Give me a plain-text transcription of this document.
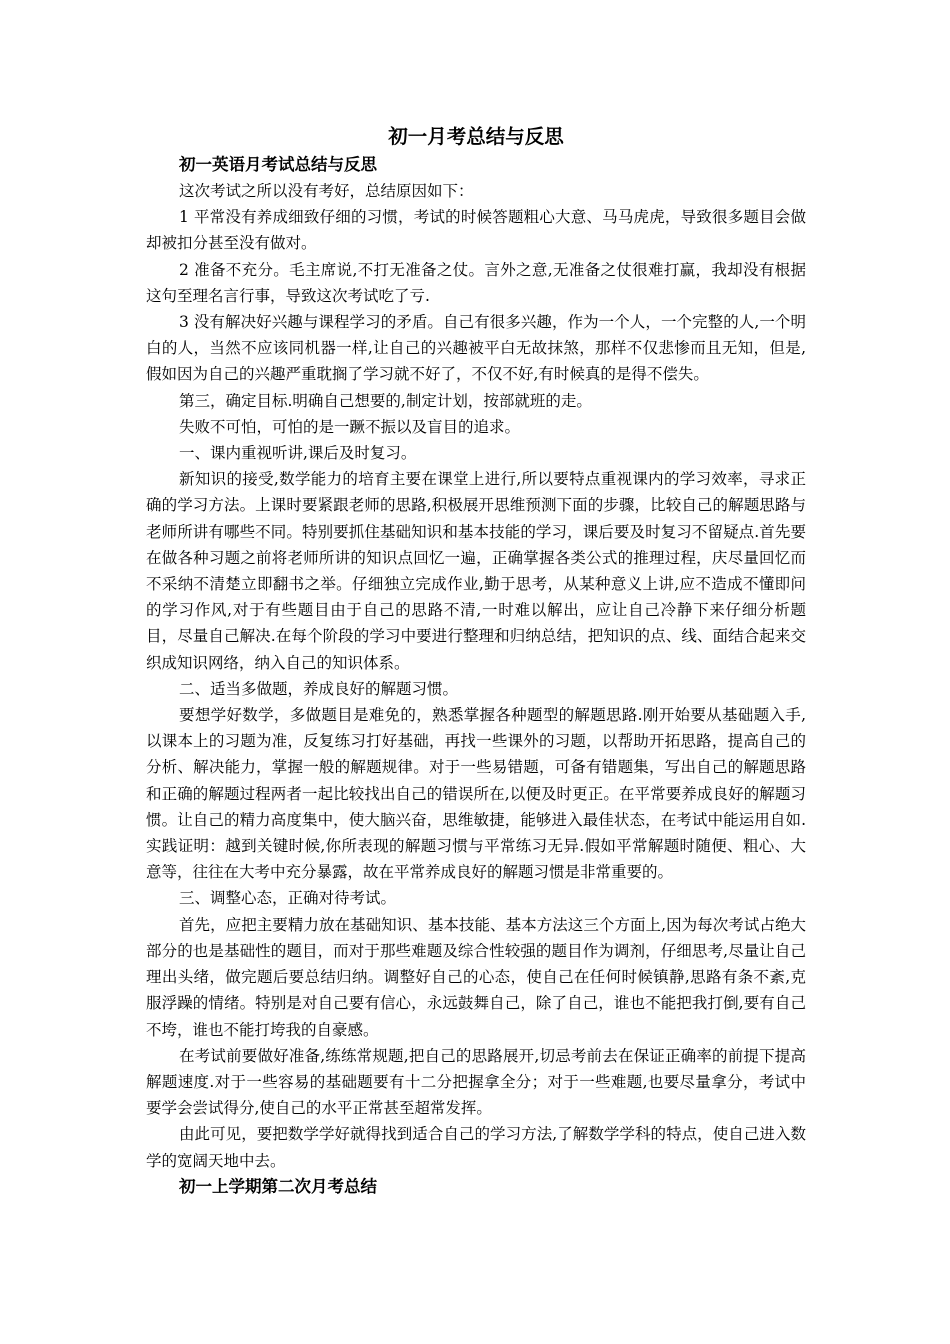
初一月考总结与反思
初一英语月考试总结与反思

这次考试之所以没有考好，总结原因如下：

1 平常没有养成细致仔细的习惯，考试的时候答题粗心大意、马马虎虎，导致很多题目会做却被扣分甚至没有做对。

2 准备不充分。毛主席说,不打无准备之仗。言外之意,无准备之仗很难打赢，我却没有根据这句至理名言行事，导致这次考试吃了亏.

3 没有解决好兴趣与课程学习的矛盾。自己有很多兴趣，作为一个人，一个完整的人,一个明白的人，当然不应该同机器一样,让自己的兴趣被平白无故抹煞，那样不仅悲惨而且无知，但是,假如因为自己的兴趣严重耽搁了学习就不好了，不仅不好,有时候真的是得不偿失。

第三，确定目标.明确自己想要的,制定计划，按部就班的走。

失败不可怕，可怕的是一蹶不振以及盲目的追求。

一、课内重视听讲,课后及时复习。

新知识的接受,数学能力的培育主要在课堂上进行,所以要特点重视课内的学习效率，寻求正确的学习方法。上课时要紧跟老师的思路,积极展开思维预测下面的步骤，比较自己的解题思路与老师所讲有哪些不同。特别要抓住基础知识和基本技能的学习，课后要及时复习不留疑点.首先要在做各种习题之前将老师所讲的知识点回忆一遍，正确掌握各类公式的推理过程，庆尽量回忆而不采纳不清楚立即翻书之举。仔细独立完成作业,勤于思考，从某种意义上讲,应不造成不懂即问的学习作风,对于有些题目由于自己的思路不清,一时难以解出，应让自己冷静下来仔细分析题目，尽量自己解决.在每个阶段的学习中要进行整理和归纳总结，把知识的点、线、面结合起来交织成知识网络，纳入自己的知识体系。

二、适当多做题，养成良好的解题习惯。

要想学好数学，多做题目是难免的，熟悉掌握各种题型的解题思路.刚开始要从基础题入手,以课本上的习题为准，反复练习打好基础，再找一些课外的习题，以帮助开拓思路，提高自己的分析、解决能力，掌握一般的解题规律。对于一些易错题，可备有错题集，写出自己的解题思路和正确的解题过程两者一起比较找出自己的错误所在,以便及时更正。在平常要养成良好的解题习惯。让自己的精力高度集中，使大脑兴奋，思维敏捷，能够进入最佳状态，在考试中能运用自如.实践证明：越到关键时候,你所表现的解题习惯与平常练习无异.假如平常解题时随便、粗心、大意等，往往在大考中充分暴露，故在平常养成良好的解题习惯是非常重要的。

三、调整心态，正确对待考试。

首先，应把主要精力放在基础知识、基本技能、基本方法这三个方面上,因为每次考试占绝大部分的也是基础性的题目，而对于那些难题及综合性较强的题目作为调剂，仔细思考,尽量让自己理出头绪，做完题后要总结归纳。调整好自己的心态，使自己在任何时候镇静,思路有条不紊,克服浮躁的情绪。特别是对自己要有信心，永远鼓舞自己，除了自己，谁也不能把我打倒,要有自己不垮，谁也不能打垮我的自豪感。

在考试前要做好准备,练练常规题,把自己的思路展开,切忌考前去在保证正确率的前提下提高解题速度.对于一些容易的基础题要有十二分把握拿全分；对于一些难题,也要尽量拿分，考试中要学会尝试得分,使自己的水平正常甚至超常发挥。

由此可见，要把数学学好就得找到适合自己的学习方法,了解数学学科的特点，使自己进入数学的宽阔天地中去。

初一上学期第二次月考总结
